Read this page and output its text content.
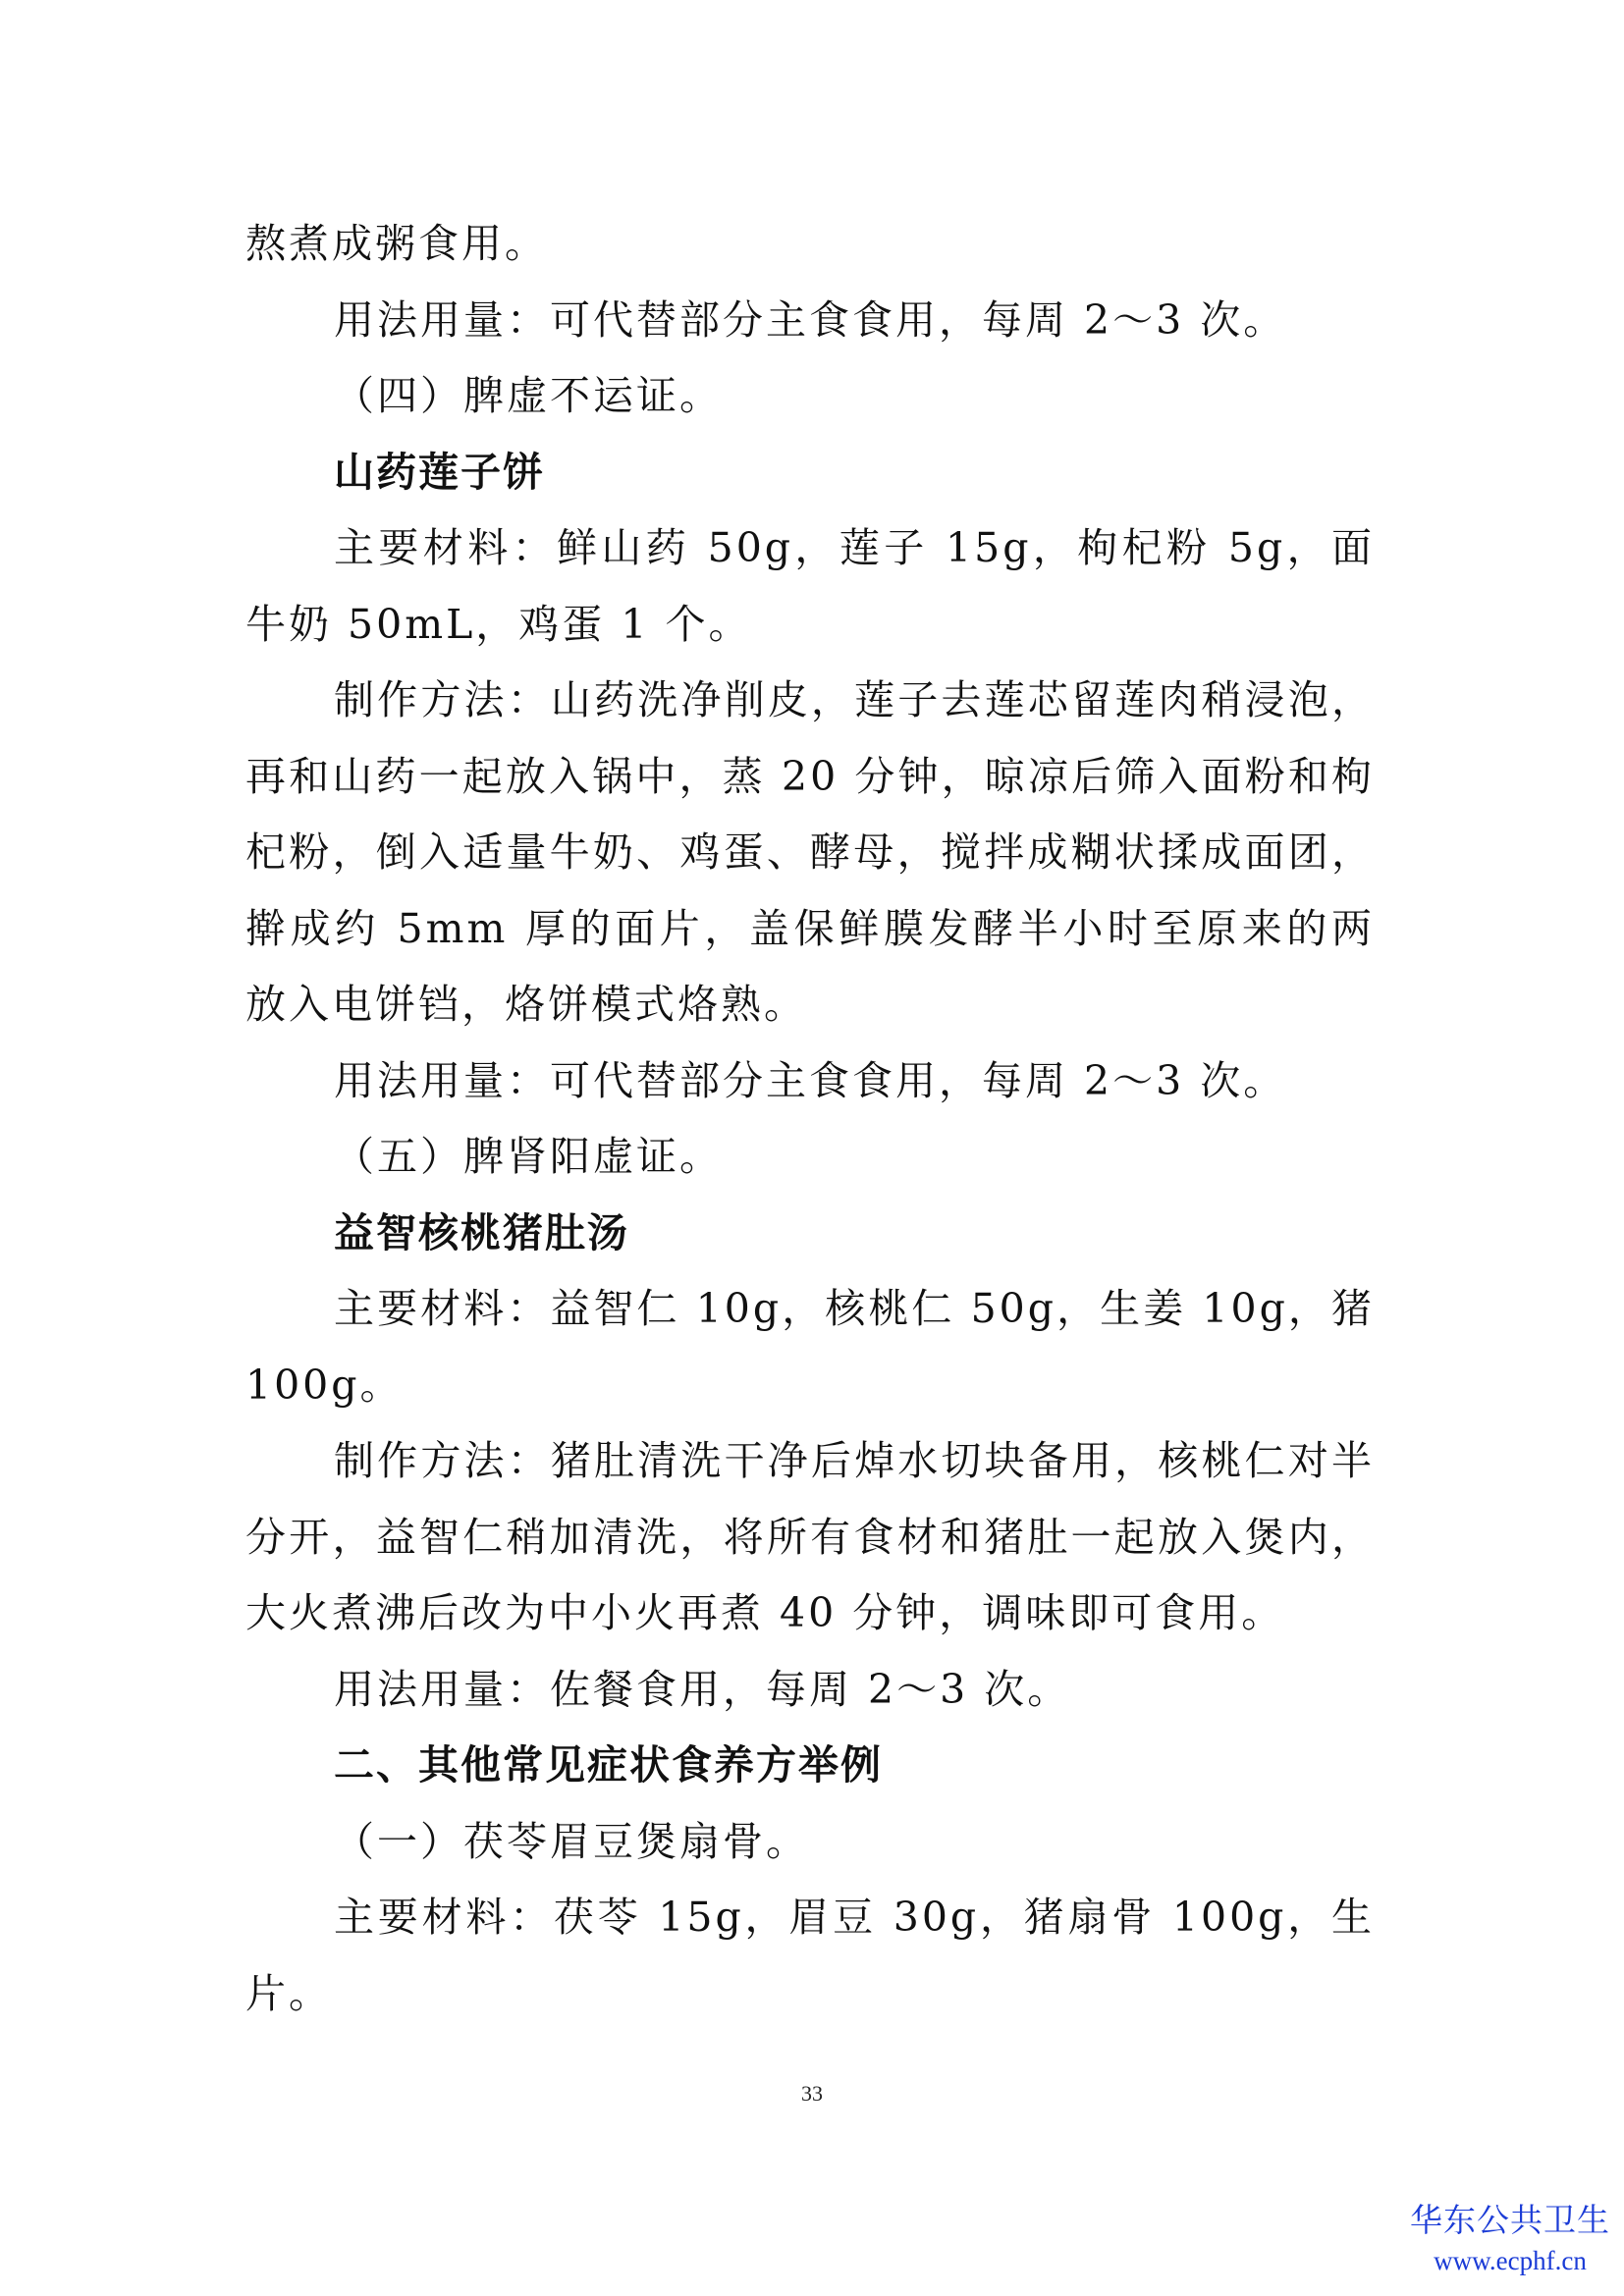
熬煮成粥食用。
用法用量：可代替部分主食食用，每周 2～3 次。
（四）脾虚不运证。
山药莲子饼
主要材料：鲜山药 50g，莲子 15g，枸杞粉 5g，面
牛奶 50mL，鸡蛋 1 个。
制作方法：山药洗净削皮，莲子去莲芯留莲肉稍浸泡，
再和山药一起放入锅中，蒸 20 分钟，晾凉后筛入面粉和枸
杞粉，倒入适量牛奶、鸡蛋、酵母，搅拌成糊状揉成面团，
擀成约 5mm 厚的面片，盖保鲜膜发酵半小时至原来的两
放入电饼铛，烙饼模式烙熟。
用法用量：可代替部分主食食用，每周 2～3 次。
（五）脾肾阳虚证。
益智核桃猪肚汤
主要材料：益智仁 10g，核桃仁 50g，生姜 10g，猪
100g。
制作方法：猪肚清洗干净后焯水切块备用，核桃仁对半
分开，益智仁稍加清洗，将所有食材和猪肚一起放入煲内，
大火煮沸后改为中小火再煮 40 分钟，调味即可食用。
用法用量：佐餐食用，每周 2～3 次。
二、其他常见症状食养方举例
（一）茯苓眉豆煲扇骨。
主要材料：茯苓 15g，眉豆 30g，猪扇骨 100g，生
片。
33
华东公共卫生
www.ecphf.cn
